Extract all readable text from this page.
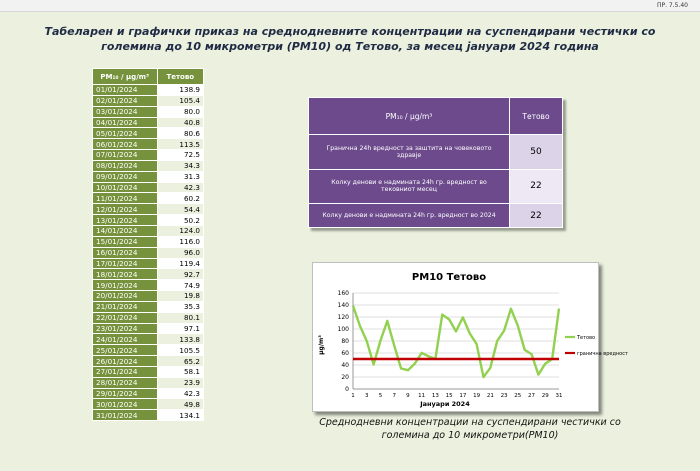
ПР. 7.5.40
Табеларен и графички приказ на среднодневните концентрации на суспендирани честички со големина до 10 микрометри (PM10) од Тетово, за месец јануари 2024 година
PM₁₀ / µg/m³	Тетово
01/01/2024	138.9
02/01/2024	105.4
03/01/2024	80.0
04/01/2024	40.8
05/01/2024	80.6
06/01/2024	113.5
07/01/2024	72.5
08/01/2024	34.3
09/01/2024	31.3
10/01/2024	42.3
11/01/2024	60.2
12/01/2024	54.4
13/01/2024	50.2
14/01/2024	124.0
15/01/2024	116.0
16/01/2024	96.0
17/01/2024	119.4
18/01/2024	92.7
19/01/2024	74.9
20/01/2024	19.8
21/01/2024	35.3
22/01/2024	80.1
23/01/2024	97.1
24/01/2024	133.8
25/01/2024	105.5
26/01/2024	65.2
27/01/2024	58.1
28/01/2024	23.9
29/01/2024	42.3
30/01/2024	49.8
31/01/2024	134.1
PM₁₀ / µg/m³	Тетово
Гранична 24h вредност за заштита на човековото здравје	50
Колку денови е надмината 24h гр. вредност во тековниот месец	22
Колку денови е надмината 24h гр. вредност во 2024	22
PM10 Тетово
0
20
40
60
80
100
120
140
160
1 3 5 7 9 11 13 15 17 19 21 23 25 27 29 31
Тетово
гранична вредност
µg/m³
Јануари 2024
Среднодневни концентрации на суспендирани честички со големина до 10 микрометри(PM10)
